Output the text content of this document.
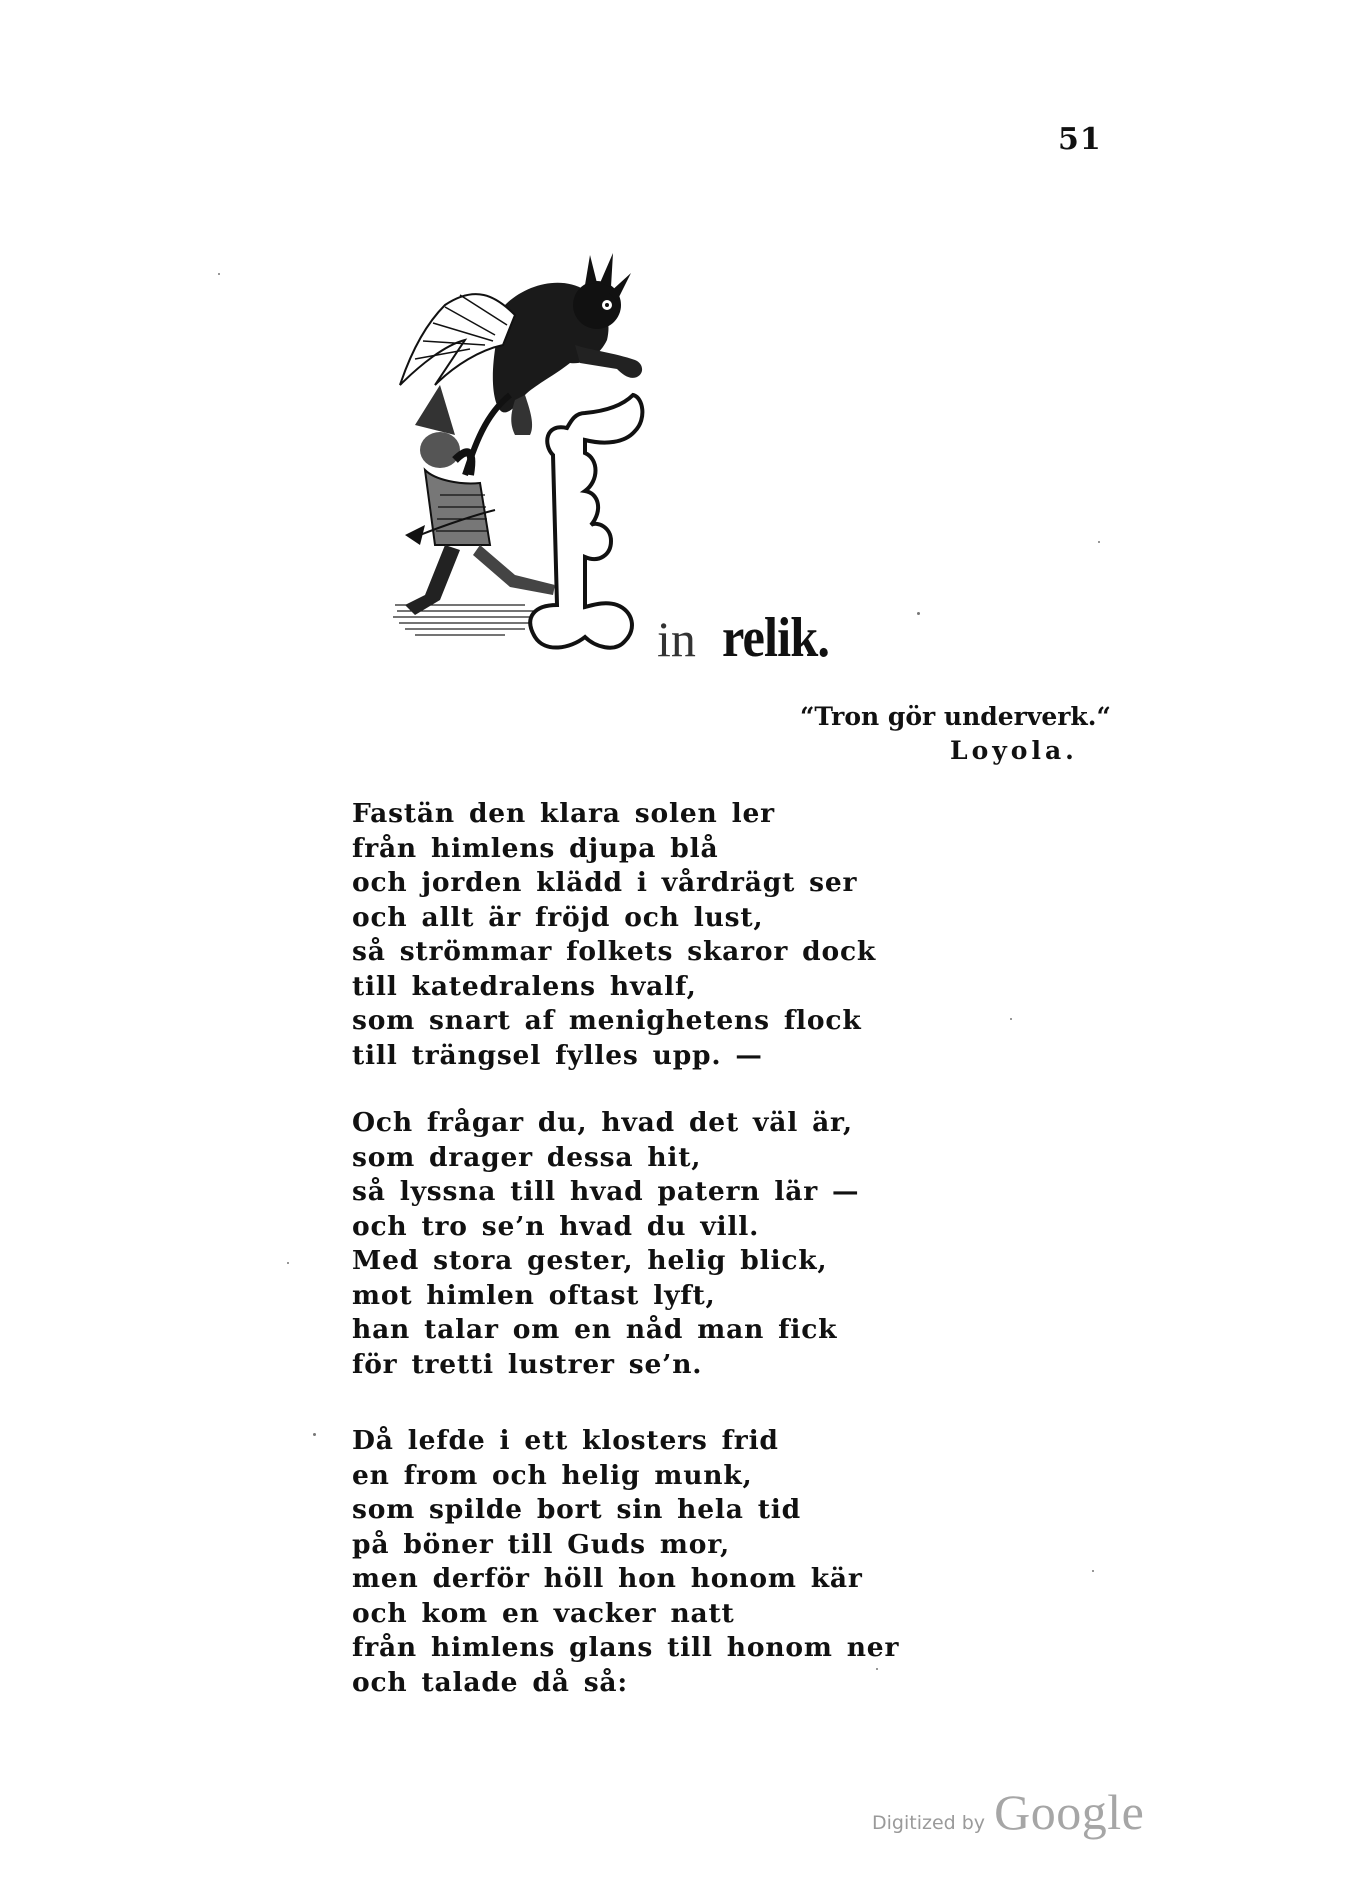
51
in relik.
“Tron gör underverk.“
Loyola.
Fastän den klara solen ler
från himlens djupa blå
och jorden klädd i vårdrägt ser
och allt är fröjd och lust,
så strömmar folkets skaror dock
till katedralens hvalf,
som snart af menighetens flock
till trängsel fylles upp. —
Och frågar du, hvad det väl är,
som drager dessa hit,
så lyssna till hvad patern lär —
och tro se’n hvad du vill.
Med stora gester, helig blick,
mot himlen oftast lyft,
han talar om en nåd man fick
för tretti lustrer se’n.
Då lefde i ett klosters frid
en from och helig munk,
som spilde bort sin hela tid
på böner till Guds mor,
men derför höll hon honom kär
och kom en vacker natt
från himlens glans till honom ner
och talade då så:
Digitized by Google
